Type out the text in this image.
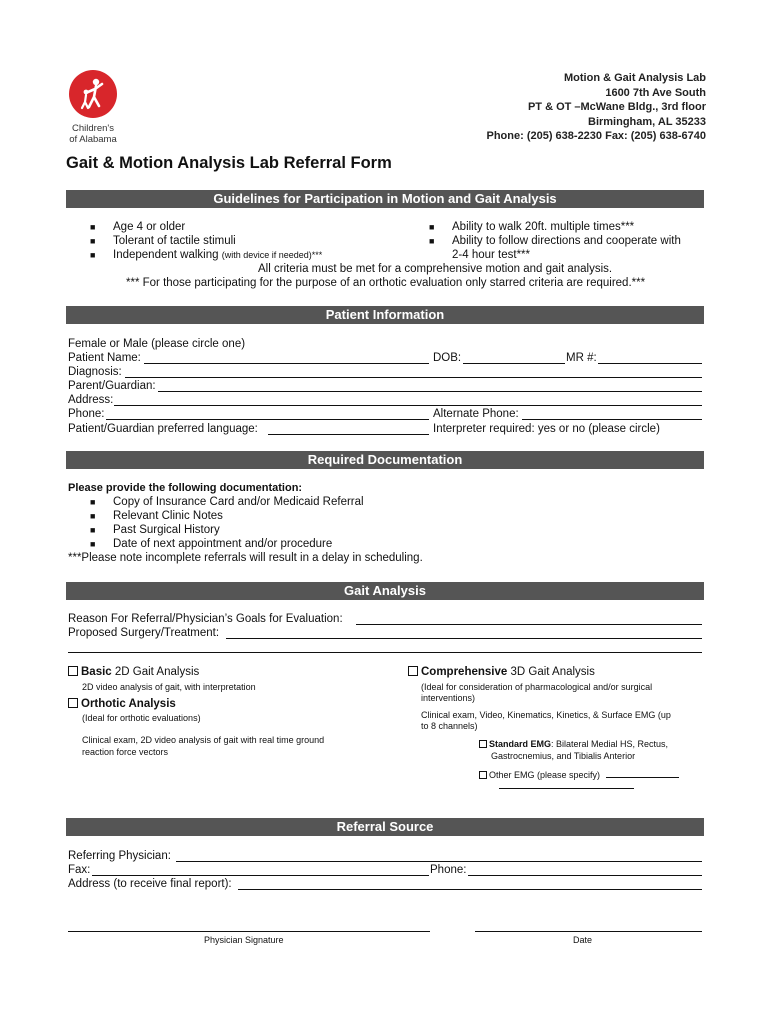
Children's
of Alabama
Motion & Gait Analysis Lab
1600 7th Ave South
PT & OT –McWane Bldg., 3rd floor
Birmingham, AL 35233
Phone: (205) 638-2230 Fax: (205) 638-6740
Gait & Motion Analysis Lab Referral Form
Guidelines for Participation in Motion and Gait Analysis
■ Age 4 or older
■ Tolerant of tactile stimuli
■ Independent walking (with device if needed)***
■ Ability to walk 20ft. multiple times***
■ Ability to follow directions and cooperate with
2-4 hour test***
All criteria must be met for a comprehensive motion and gait analysis.
*** For those participating for the purpose of an orthotic evaluation only starred criteria are required.***
Patient Information
Female or Male (please circle one)
Patient Name:	DOB:	MR #:
Diagnosis:
Parent/Guardian:
Address:
Phone:	Alternate Phone:
Patient/Guardian preferred language:	Interpreter required: yes or no (please circle)
Required Documentation
Please provide the following documentation:
■ Copy of Insurance Card and/or Medicaid Referral
■ Relevant Clinic Notes
■ Past Surgical History
■ Date of next appointment and/or procedure
***Please note incomplete referrals will result in a delay in scheduling.
Gait Analysis
Reason For Referral/Physician’s Goals for Evaluation:
Proposed Surgery/Treatment:
Basic 2D Gait Analysis
2D video analysis of gait, with interpretation
Orthotic Analysis
(Ideal for orthotic evaluations)
Clinical exam, 2D video analysis of gait with real time ground
reaction force vectors
Comprehensive 3D Gait Analysis
(Ideal for consideration of pharmacological and/or surgical
interventions)
Clinical exam, Video, Kinematics, Kinetics, & Surface EMG (up
to 8 channels)
Standard EMG: Bilateral Medial HS, Rectus,
Gastrocnemius, and Tibialis Anterior
Other EMG (please specify)
Referral Source
Referring Physician:
Fax:	Phone:
Address (to receive final report):
Physician Signature	Date
